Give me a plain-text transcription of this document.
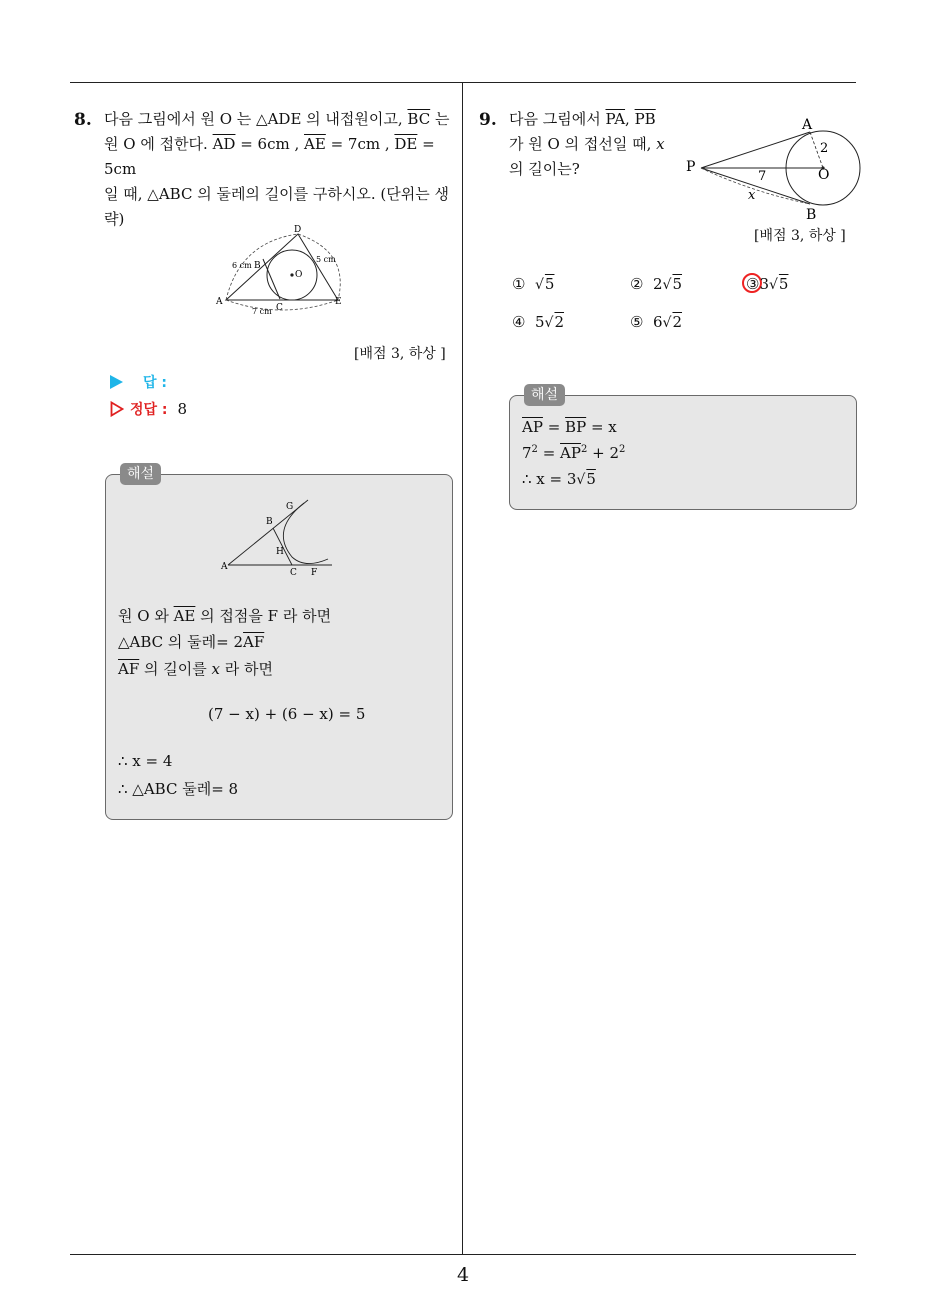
8. 다음 그림에서 원 O 는 △ADE 의 내접원이고, $\overline{BC}$ 는
원 O 에 접한다. $\overline{AD} = 6cm$ , $\overline{AE} = 7cm$ , $\overline{DE} = 5cm$
일 때, △ABC 의 둘레의 길이를 구하시오. (단위는 생
략)
D
B
O
A
C
E
6 cm
5 cm
7 cm
[배점 3, 하상 ]
답 :
정답 : 8
해설
G
B
H
A
C F
원 O 와 $\overline{AE}$ 의 접점을 F 라 하면
△ABC 의 둘레= $2\overline{AF}$
$\overline{AF}$ 의 길이를 x 라 하면
(7 − x) + (6 − x) = 5
∴ x = 4
∴ △ABC 둘레= 8
9. 다음 그림에서 $\overline{PA}$, $\overline{PB}$
가 원 O 의 접선일 때, x
의 길이는?
A
P	O
B
2
7
x
[배점 3, 하상 ]
① √5	② 2√5	③3√5
④ 5√2	⑤ 6√2
해설
$\overline{AP} = \overline{BP} = x$
$7^2 = \overline{AP}^2 + 2^2$
∴ x = 3√5
4
